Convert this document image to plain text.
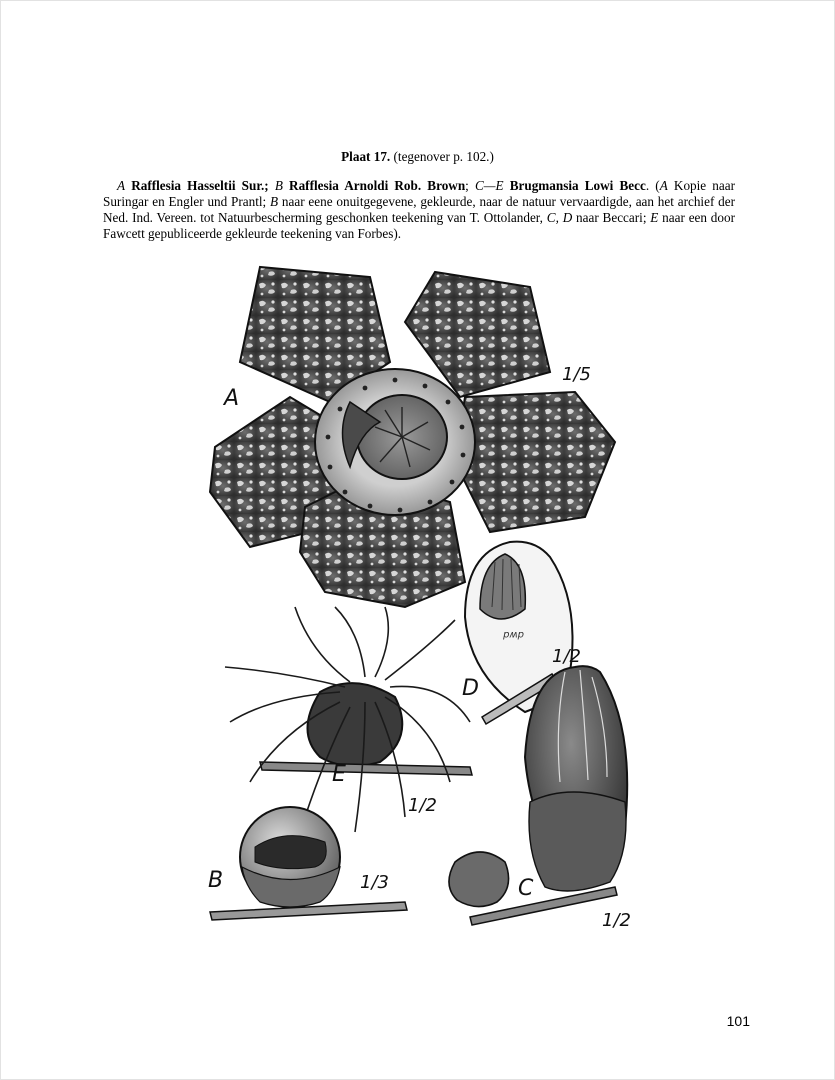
Plaat 17. (tegenover p. 102.)
A Rafflesia Hasseltii Sur.; B Rafflesia Arnoldi Rob. Brown; C—E Brugmansia Lowi Becc. (A Kopie naar Suringar en Engler und Prantl; B naar eene onuitgegevene, gekleurde, naar de natuur vervaardigde, aan het archief der Ned. Ind. Vereen. tot Natuurbescherming geschonken teekening van T. Ottolander, C, D naar Beccari; E naar een door Fawcett gepubliceerde gekleurde teekening van Forbes).
dwd
A
1/5
D
1/2
E
1/2
B	1/3	C
1/2
101
